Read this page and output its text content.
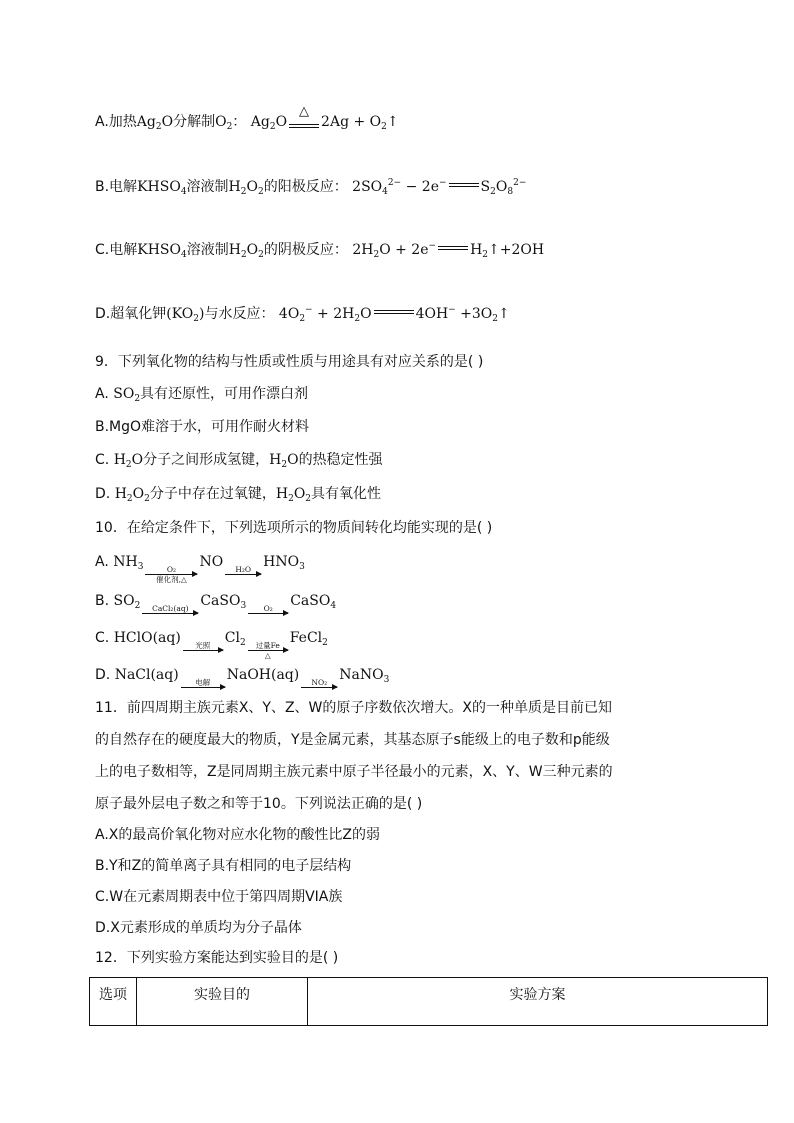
A.加热$Ag_2O$分解制$O_2$： $Ag_2O$
△
$2Ag + O_2↑$
B.电解$KHSO_4$溶液制$H_2O_2$的阳极反应： $2SO_4^{2-} - 2e^-$ $S_2O_8^{2-}$
C.电解$KHSO_4$溶液制$H_2O_2$的阴极反应： $2H_2O + 2e^-$ $H_2↑+2OH$
D.超氧化钾$(KO_2)$与水反应： $4O_2^- + 2H_2O$	$4OH^- +3O_2↑$
9．下列氧化物的结构与性质或性质与用途具有对应关系的是( )
A. $SO_2$具有还原性，可用作漂白剂
B.MgO难溶于水，可用作耐火材料
C. $H_2O$分子之间形成氢键，$H_2O$的热稳定性强
D. $H_2O_2$分子中存在过氧键，$H_2O_2$具有氧化性
10．在给定条件下，下列选项所示的物质间转化均能实现的是( )
A. $NH_3$	O₂
催化剂,△
NO H₂O $HNO_3$
B. $SO_2$ CaCl₂(aq) CaSO$_3$ O₂ CaSO$_4$
C. HClO(aq) 光照 $Cl_2$ 过量Fe
△
FeCl$_2$
D. NaCl(aq) 电解 NaOH(aq) NO₂ NaNO$_3$
11．前四周期主族元素X、Y、Z、W的原子序数依次增大。X的一种单质是目前已知
的自然存在的硬度最大的物质，Y是金属元素，其基态原子s能级上的电子数和p能级
上的电子数相等，Z是同周期主族元素中原子半径最小的元素，X、Y、W三种元素的
原子最外层电子数之和等于10。下列说法正确的是( )
A.X的最高价氧化物对应水化物的酸性比Z的弱
B.Y和Z的简单离子具有相同的电子层结构
C.W在元素周期表中位于第四周期VIA族
D.X元素形成的单质均为分子晶体
12．下列实验方案能达到实验目的是( )
选项	实验目的	实验方案
